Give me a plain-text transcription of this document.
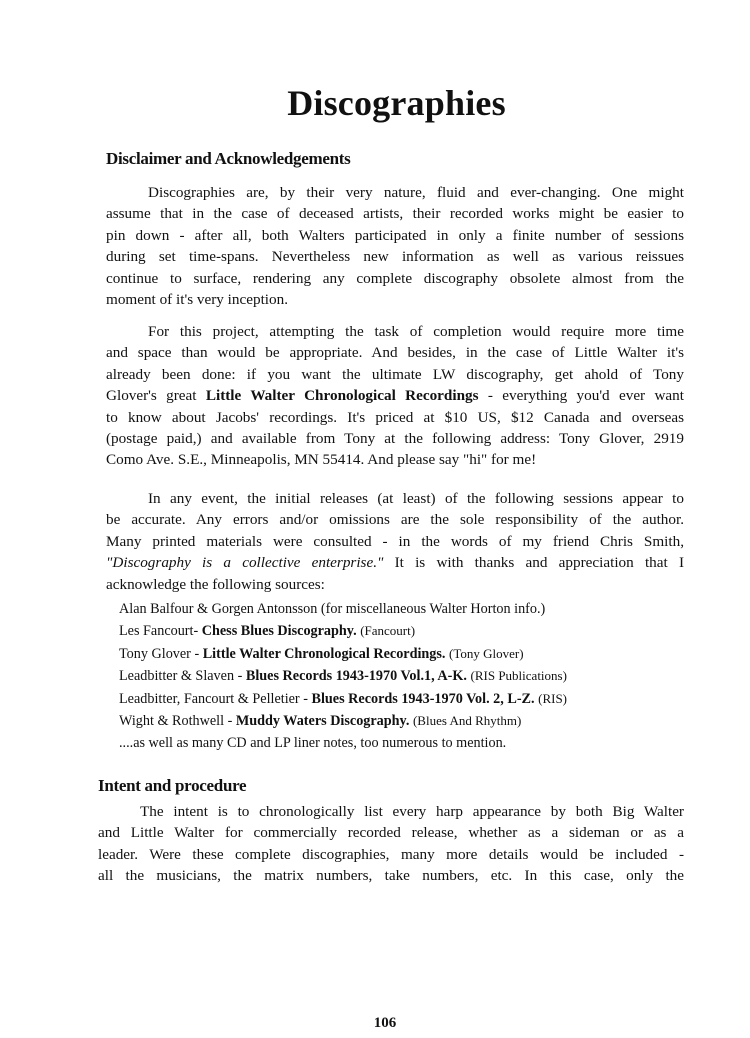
Discographies
Disclaimer and Acknowledgements
Discographies are, by their very nature, fluid and ever-changing. One might
assume that in the case of deceased artists, their recorded works might be easier to
pin down - after all, both Walters participated in only a finite number of sessions
during set time-spans. Nevertheless new information as well as various reissues
continue to surface, rendering any complete discography obsolete almost from the
moment of it's very inception.
For this project, attempting the task of completion would require more time
and space than would be appropriate. And besides, in the case of Little Walter it's
already been done: if you want the ultimate LW discography, get ahold of Tony
Glover's great Little Walter Chronological Recordings - everything you'd ever want
to know about Jacobs' recordings. It's priced at $10 US, $12 Canada and overseas
(postage paid,) and available from Tony at the following address: Tony Glover, 2919
Como Ave. S.E., Minneapolis, MN 55414. And please say "hi" for me!
In any event, the initial releases (at least) of the following sessions appear to
be accurate. Any errors and/or omissions are the sole responsibility of the author.
Many printed materials were consulted - in the words of my friend Chris Smith,
"Discography is a collective enterprise." It is with thanks and appreciation that I
acknowledge the following sources:
Alan Balfour & Gorgen Antonsson (for miscellaneous Walter Horton info.)
Les Fancourt- Chess Blues Discography. (Fancourt)
Tony Glover - Little Walter Chronological Recordings. (Tony Glover)
Leadbitter & Slaven - Blues Records 1943-1970 Vol.1, A-K. (RIS Publications)
Leadbitter, Fancourt & Pelletier - Blues Records 1943-1970 Vol. 2, L-Z. (RIS)
Wight & Rothwell - Muddy Waters Discography. (Blues And Rhythm)
....as well as many CD and LP liner notes, too numerous to mention.
Intent and procedure
The intent is to chronologically list every harp appearance by both Big Walter
and Little Walter for commercially recorded release, whether as a sideman or as a
leader. Were these complete discographies, many more details would be included -
all the musicians, the matrix numbers, take numbers, etc. In this case, only the
106
